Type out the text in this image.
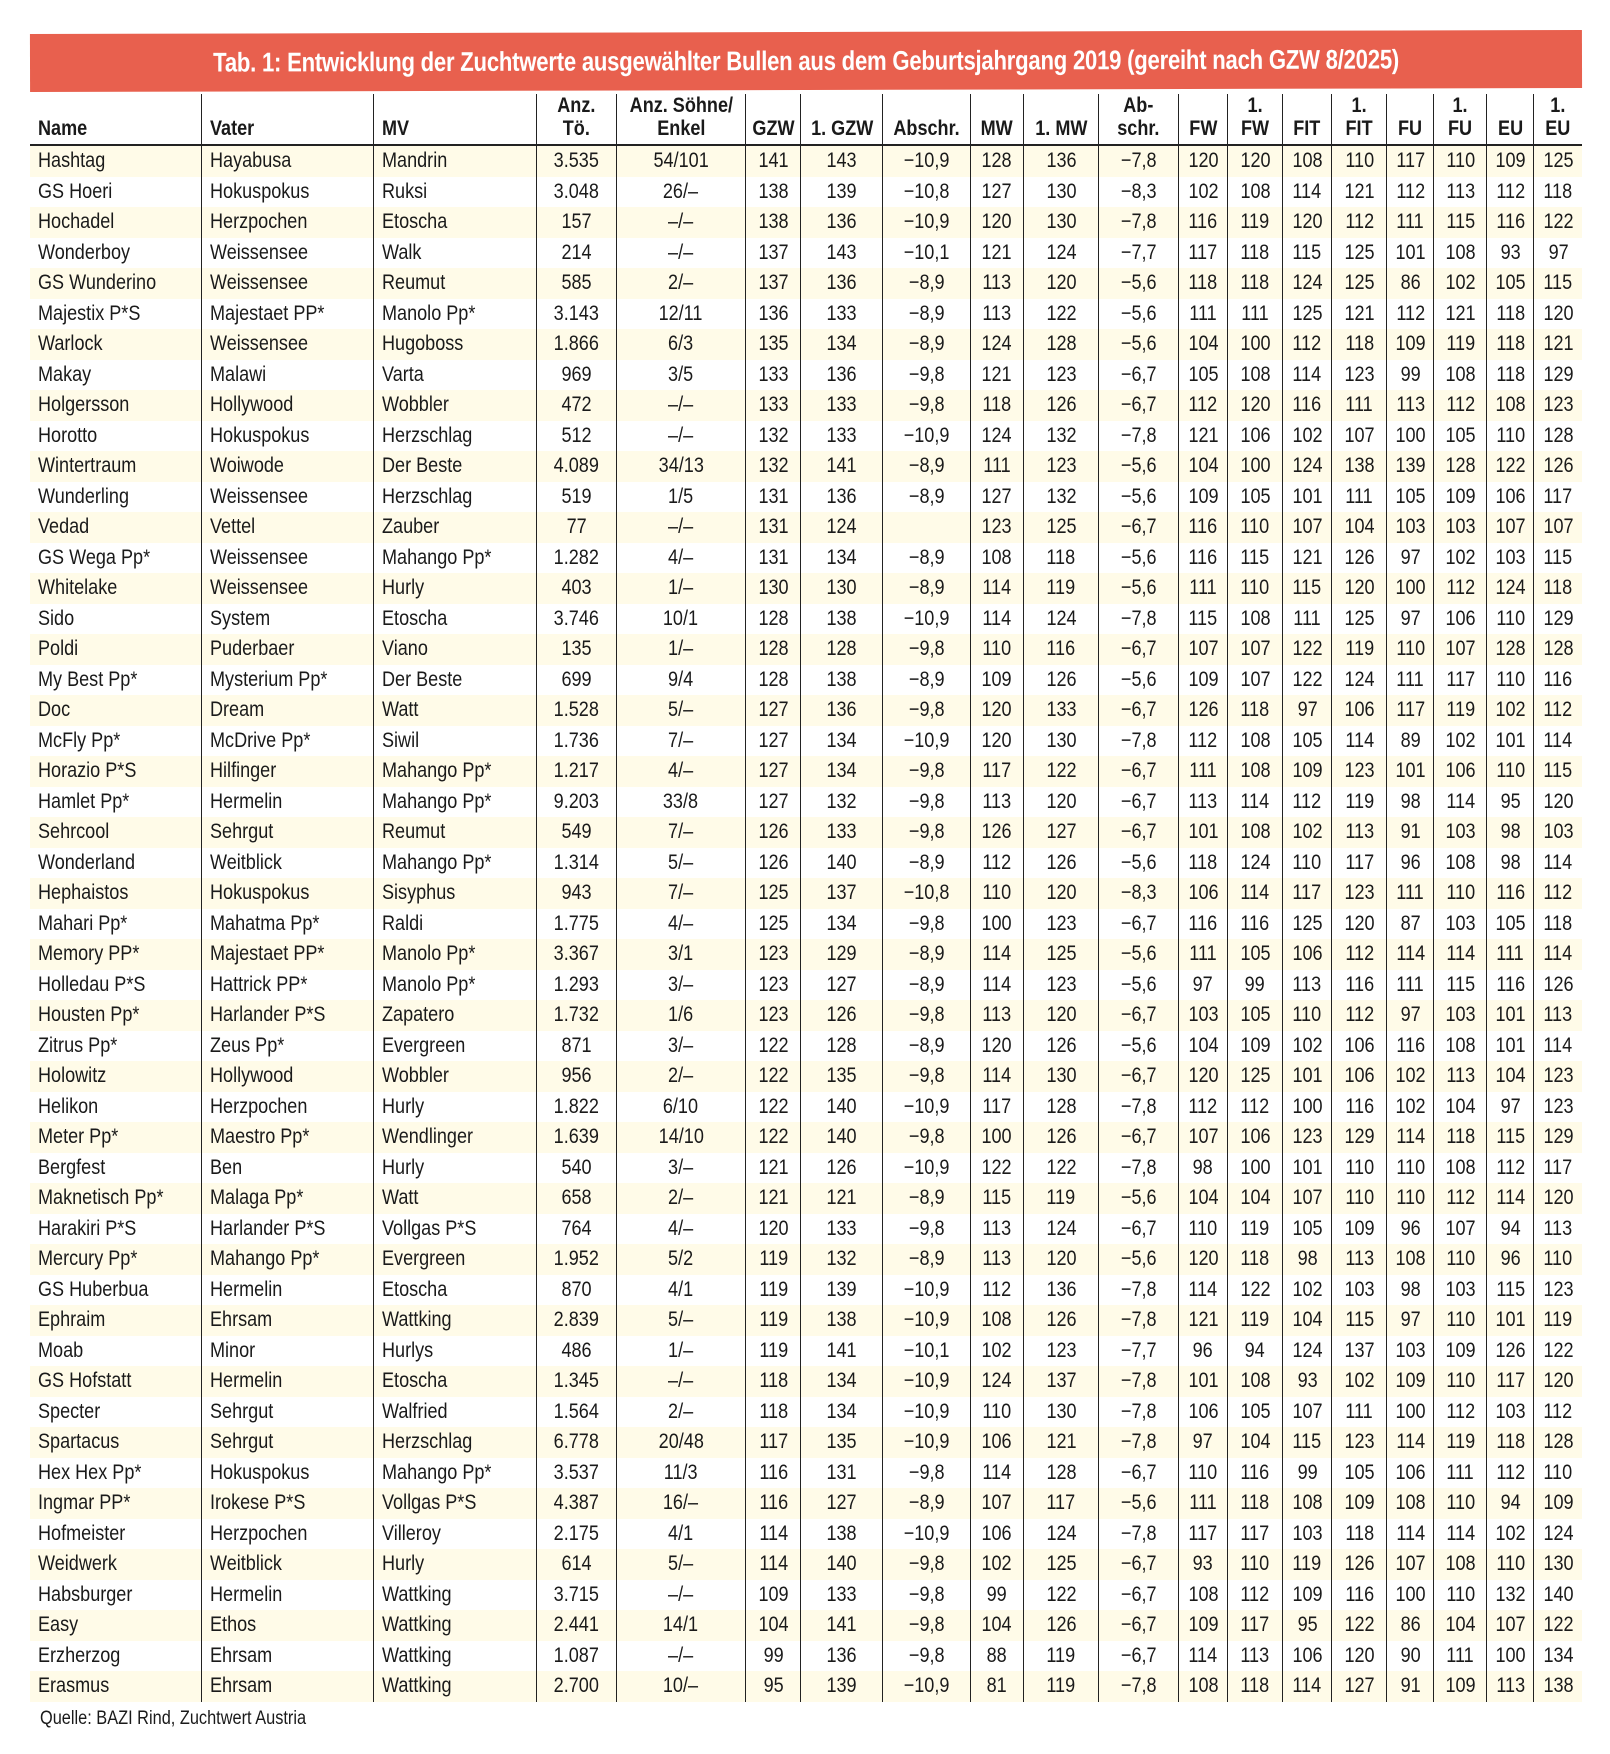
Tab. 1: Entwicklung der Zuchtwerte ausgewählter Bullen aus dem Geburtsjahrgang 2019 (gereiht nach GZW 8/2025)
Name	Vater	MV	Anz. Tö.	Anz. Söhne/ Enkel	GZW	1. GZW	Abschr.	MW	1. MW	Ab- schr.	FW	1. FW	FIT	1. FIT	FU	1. FU	EU	1. EU
Hashtag	Hayabusa	Mandrin	3.535	54/101	141	143	−10,9	128	136	−7,8	120	120	108	110	117	110	109	125
GS Hoeri	Hokuspokus	Ruksi	3.048	26/–	138	139	−10,8	127	130	−8,3	102	108	114	121	112	113	112	118
Hochadel	Herzpochen	Etoscha	157	–/–	138	136	−10,9	120	130	−7,8	116	119	120	112	111	115	116	122
Wonderboy	Weissensee	Walk	214	–/–	137	143	−10,1	121	124	−7,7	117	118	115	125	101	108	93	97
GS Wunderino	Weissensee	Reumut	585	2/–	137	136	−8,9	113	120	−5,6	118	118	124	125	86	102	105	115
Majestix P*S	Majestaet PP*	Manolo Pp*	3.143	12/11	136	133	−8,9	113	122	−5,6	111	111	125	121	112	121	118	120
Warlock	Weissensee	Hugoboss	1.866	6/3	135	134	−8,9	124	128	−5,6	104	100	112	118	109	119	118	121
Makay	Malawi	Varta	969	3/5	133	136	−9,8	121	123	−6,7	105	108	114	123	99	108	118	129
Holgersson	Hollywood	Wobbler	472	–/–	133	133	−9,8	118	126	−6,7	112	120	116	111	113	112	108	123
Horotto	Hokuspokus	Herzschlag	512	–/–	132	133	−10,9	124	132	−7,8	121	106	102	107	100	105	110	128
Wintertraum	Woiwode	Der Beste	4.089	34/13	132	141	−8,9	111	123	−5,6	104	100	124	138	139	128	122	126
Wunderling	Weissensee	Herzschlag	519	1/5	131	136	−8,9	127	132	−5,6	109	105	101	111	105	109	106	117
Vedad	Vettel	Zauber	77	–/–	131	124		123	125	−6,7	116	110	107	104	103	103	107	107
GS Wega Pp*	Weissensee	Mahango Pp*	1.282	4/–	131	134	−8,9	108	118	−5,6	116	115	121	126	97	102	103	115
Whitelake	Weissensee	Hurly	403	1/–	130	130	−8,9	114	119	−5,6	111	110	115	120	100	112	124	118
Sido	System	Etoscha	3.746	10/1	128	138	−10,9	114	124	−7,8	115	108	111	125	97	106	110	129
Poldi	Puderbaer	Viano	135	1/–	128	128	−9,8	110	116	−6,7	107	107	122	119	110	107	128	128
My Best Pp*	Mysterium Pp*	Der Beste	699	9/4	128	138	−8,9	109	126	−5,6	109	107	122	124	111	117	110	116
Doc	Dream	Watt	1.528	5/–	127	136	−9,8	120	133	−6,7	126	118	97	106	117	119	102	112
McFly Pp*	McDrive Pp*	Siwil	1.736	7/–	127	134	−10,9	120	130	−7,8	112	108	105	114	89	102	101	114
Horazio P*S	Hilfinger	Mahango Pp*	1.217	4/–	127	134	−9,8	117	122	−6,7	111	108	109	123	101	106	110	115
Hamlet Pp*	Hermelin	Mahango Pp*	9.203	33/8	127	132	−9,8	113	120	−6,7	113	114	112	119	98	114	95	120
Sehrcool	Sehrgut	Reumut	549	7/–	126	133	−9,8	126	127	−6,7	101	108	102	113	91	103	98	103
Wonderland	Weitblick	Mahango Pp*	1.314	5/–	126	140	−8,9	112	126	−5,6	118	124	110	117	96	108	98	114
Hephaistos	Hokuspokus	Sisyphus	943	7/–	125	137	−10,8	110	120	−8,3	106	114	117	123	111	110	116	112
Mahari Pp*	Mahatma Pp*	Raldi	1.775	4/–	125	134	−9,8	100	123	−6,7	116	116	125	120	87	103	105	118
Memory PP*	Majestaet PP*	Manolo Pp*	3.367	3/1	123	129	−8,9	114	125	−5,6	111	105	106	112	114	114	111	114
Holledau P*S	Hattrick PP*	Manolo Pp*	1.293	3/–	123	127	−8,9	114	123	−5,6	97	99	113	116	111	115	116	126
Housten Pp*	Harlander P*S	Zapatero	1.732	1/6	123	126	−9,8	113	120	−6,7	103	105	110	112	97	103	101	113
Zitrus Pp*	Zeus Pp*	Evergreen	871	3/–	122	128	−8,9	120	126	−5,6	104	109	102	106	116	108	101	114
Holowitz	Hollywood	Wobbler	956	2/–	122	135	−9,8	114	130	−6,7	120	125	101	106	102	113	104	123
Helikon	Herzpochen	Hurly	1.822	6/10	122	140	−10,9	117	128	−7,8	112	112	100	116	102	104	97	123
Meter Pp*	Maestro Pp*	Wendlinger	1.639	14/10	122	140	−9,8	100	126	−6,7	107	106	123	129	114	118	115	129
Bergfest	Ben	Hurly	540	3/–	121	126	−10,9	122	122	−7,8	98	100	101	110	110	108	112	117
Maknetisch Pp*	Malaga Pp*	Watt	658	2/–	121	121	−8,9	115	119	−5,6	104	104	107	110	110	112	114	120
Harakiri P*S	Harlander P*S	Vollgas P*S	764	4/–	120	133	−9,8	113	124	−6,7	110	119	105	109	96	107	94	113
Mercury Pp*	Mahango Pp*	Evergreen	1.952	5/2	119	132	−8,9	113	120	−5,6	120	118	98	113	108	110	96	110
GS Huberbua	Hermelin	Etoscha	870	4/1	119	139	−10,9	112	136	−7,8	114	122	102	103	98	103	115	123
Ephraim	Ehrsam	Wattking	2.839	5/–	119	138	−10,9	108	126	−7,8	121	119	104	115	97	110	101	119
Moab	Minor	Hurlys	486	1/–	119	141	−10,1	102	123	−7,7	96	94	124	137	103	109	126	122
GS Hofstatt	Hermelin	Etoscha	1.345	–/–	118	134	−10,9	124	137	−7,8	101	108	93	102	109	110	117	120
Specter	Sehrgut	Walfried	1.564	2/–	118	134	−10,9	110	130	−7,8	106	105	107	111	100	112	103	112
Spartacus	Sehrgut	Herzschlag	6.778	20/48	117	135	−10,9	106	121	−7,8	97	104	115	123	114	119	118	128
Hex Hex Pp*	Hokuspokus	Mahango Pp*	3.537	11/3	116	131	−9,8	114	128	−6,7	110	116	99	105	106	111	112	110
Ingmar PP*	Irokese P*S	Vollgas P*S	4.387	16/–	116	127	−8,9	107	117	−5,6	111	118	108	109	108	110	94	109
Hofmeister	Herzpochen	Villeroy	2.175	4/1	114	138	−10,9	106	124	−7,8	117	117	103	118	114	114	102	124
Weidwerk	Weitblick	Hurly	614	5/–	114	140	−9,8	102	125	−6,7	93	110	119	126	107	108	110	130
Habsburger	Hermelin	Wattking	3.715	–/–	109	133	−9,8	99	122	−6,7	108	112	109	116	100	110	132	140
Easy	Ethos	Wattking	2.441	14/1	104	141	−9,8	104	126	−6,7	109	117	95	122	86	104	107	122
Erzherzog	Ehrsam	Wattking	1.087	–/–	99	136	−9,8	88	119	−6,7	114	113	106	120	90	111	100	134
Erasmus	Ehrsam	Wattking	2.700	10/–	95	139	−10,9	81	119	−7,8	108	118	114	127	91	109	113	138
Quelle: BAZI Rind, Zuchtwert Austria
